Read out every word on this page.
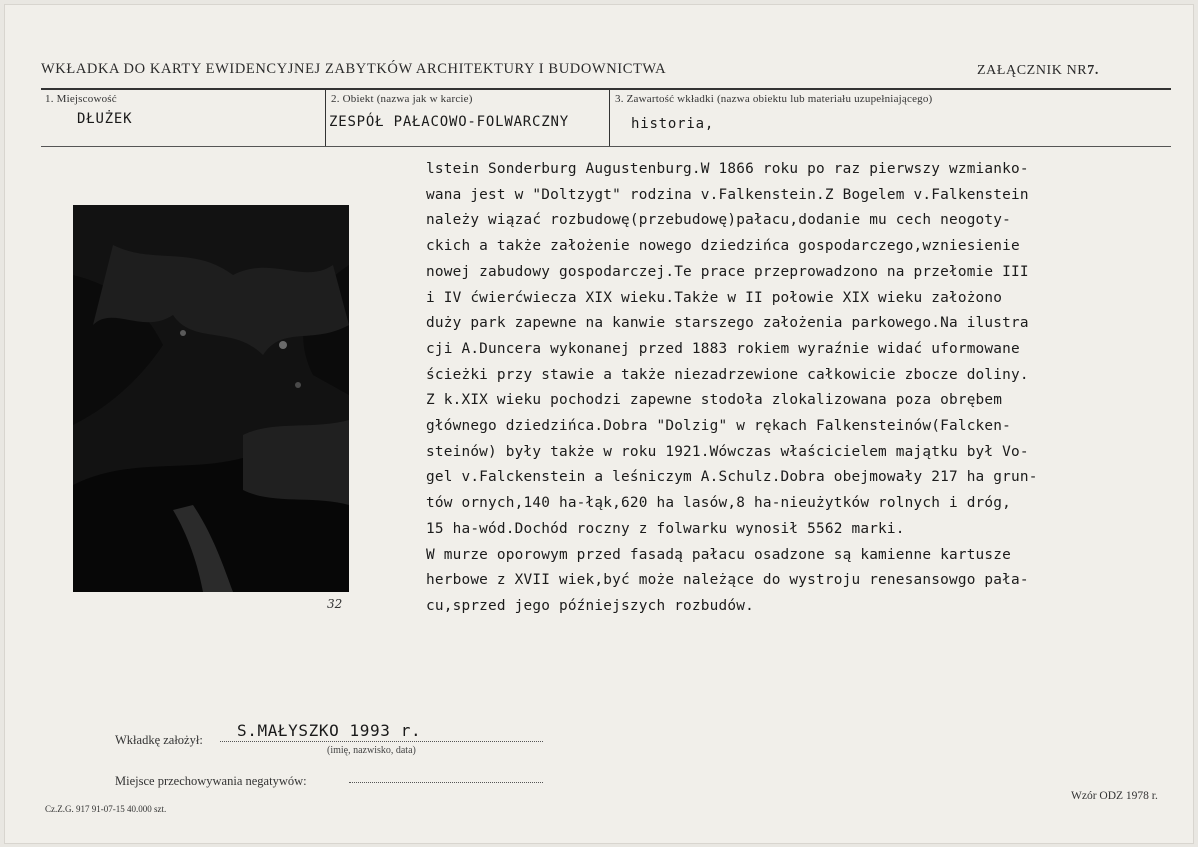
WKŁADKA DO KARTY EWIDENCYJNEJ ZABYTKÓW ARCHITEKTURY I BUDOWNICTWA	ZAŁĄCZNIK NR7.
1. Miejscowość
DŁUŻEK
2. Obiekt (nazwa jak w karcie)
ZESPÓŁ PAŁACOWO-FOLWARCZNY
3. Zawartość wkładki (nazwa obiektu lub materiału uzupełniającego)
historia,
32
lstein Sonderburg Augustenburg.W 1866 roku po raz pierwszy wzmianko-
wana jest w "Doltzygt" rodzina v.Falkenstein.Z Bogelem v.Falkenstein
należy wiązać rozbudowę(przebudowę)pałacu,dodanie mu cech neogoty-
ckich a także założenie nowego dziedzińca gospodarczego,wzniesienie
nowej zabudowy gospodarczej.Te prace przeprowadzono na przełomie III
i IV ćwierćwiecza XIX wieku.Także w II połowie XIX wieku założono
duży park zapewne na kanwie starszego założenia parkowego.Na ilustra
cji A.Duncera wykonanej przed 1883 rokiem wyraźnie widać uformowane
ścieżki przy stawie a także niezadrzewione całkowicie zbocze doliny.
Z k.XIX wieku pochodzi zapewne stodoła zlokalizowana poza obrębem
głównego dziedzińca.Dobra "Dolzig" w rękach Falkensteinów(Falcken-
steinów) były także w roku 1921.Wówczas właścicielem majątku był Vo-
gel v.Falckenstein a leśniczym A.Schulz.Dobra obejmowały 217 ha grun-
tów ornych,140 ha-łąk,620 ha lasów,8 ha-nieużytków rolnych i dróg,
15 ha-wód.Dochód roczny z folwarku wynosił 5562 marki.
W murze oporowym przed fasadą pałacu osadzone są kamienne kartusze
herbowe z XVII wiek,być może należące do wystroju renesansowgo pała-
cu,sprzed jego późniejszych rozbudów.
Wkładkę założył: S.MAŁYSZKO 1993 r.
(imię, nazwisko, data)
Miejsce przechowywania negatywów:
Cz.Z.G. 917 91-07-15 40.000 szt.
Wzór ODZ 1978 r.
